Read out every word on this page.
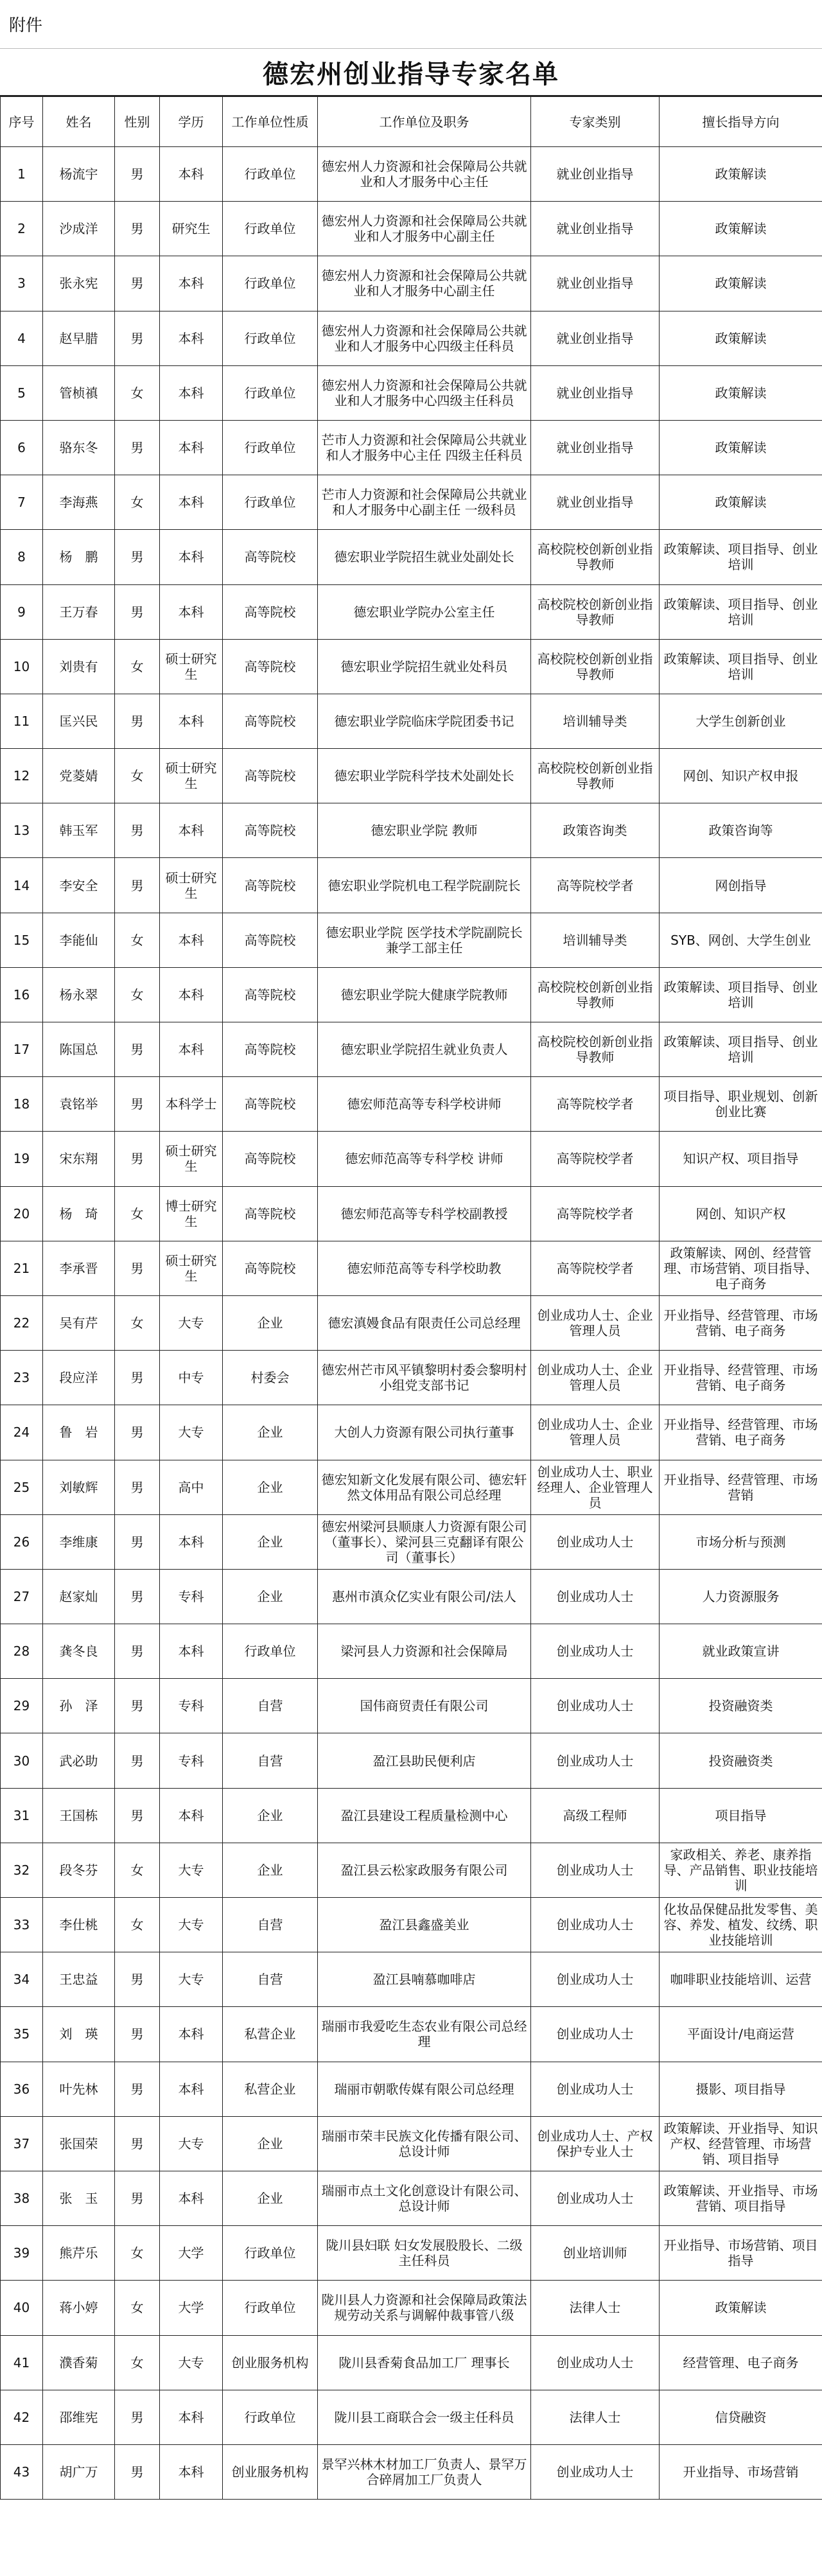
附件
德宏州创业指导专家名单
序号	姓名	性别	学历	工作单位性质	工作单位及职务	专家类别	擅长指导方向
1	杨流宇	男	本科	行政单位	德宏州人力资源和社会保障局公共就业和人才服务中心主任	就业创业指导	政策解读
2	沙成洋	男	研究生	行政单位	德宏州人力资源和社会保障局公共就业和人才服务中心副主任	就业创业指导	政策解读
3	张永宪	男	本科	行政单位	德宏州人力资源和社会保障局公共就业和人才服务中心副主任	就业创业指导	政策解读
4	赵早腊	男	本科	行政单位	德宏州人力资源和社会保障局公共就业和人才服务中心四级主任科员	就业创业指导	政策解读
5	管桢禛	女	本科	行政单位	德宏州人力资源和社会保障局公共就业和人才服务中心四级主任科员	就业创业指导	政策解读
6	骆东冬	男	本科	行政单位	芒市人力资源和社会保障局公共就业和人才服务中心主任 四级主任科员	就业创业指导	政策解读
7	李海燕	女	本科	行政单位	芒市人力资源和社会保障局公共就业和人才服务中心副主任 一级科员	就业创业指导	政策解读
8	杨　鹏	男	本科	高等院校	德宏职业学院招生就业处副处长	高校院校创新创业指导教师	政策解读、项目指导、创业培训
9	王万春	男	本科	高等院校	德宏职业学院办公室主任	高校院校创新创业指导教师	政策解读、项目指导、创业培训
10	刘贵有	女	硕士研究生	高等院校	德宏职业学院招生就业处科员	高校院校创新创业指导教师	政策解读、项目指导、创业培训
11	匡兴民	男	本科	高等院校	德宏职业学院临床学院团委书记	培训辅导类	大学生创新创业
12	党菱婧	女	硕士研究生	高等院校	德宏职业学院科学技术处副处长	高校院校创新创业指导教师	网创、知识产权申报
13	韩玉军	男	本科	高等院校	德宏职业学院 教师	政策咨询类	政策咨询等
14	李安全	男	硕士研究生	高等院校	德宏职业学院机电工程学院副院长	高等院校学者	网创指导
15	李能仙	女	本科	高等院校	德宏职业学院 医学技术学院副院长兼学工部主任	培训辅导类	SYB、网创、大学生创业
16	杨永翠	女	本科	高等院校	德宏职业学院大健康学院教师	高校院校创新创业指导教师	政策解读、项目指导、创业培训
17	陈国总	男	本科	高等院校	德宏职业学院招生就业负责人	高校院校创新创业指导教师	政策解读、项目指导、创业培训
18	袁铭举	男	本科学士	高等院校	德宏师范高等专科学校讲师	高等院校学者	项目指导、职业规划、创新创业比赛
19	宋东翔	男	硕士研究生	高等院校	德宏师范高等专科学校 讲师	高等院校学者	知识产权、项目指导
20	杨　琦	女	博士研究生	高等院校	德宏师范高等专科学校副教授	高等院校学者	网创、知识产权
21	李承晋	男	硕士研究生	高等院校	德宏师范高等专科学校助教	高等院校学者	政策解读、网创、经营管理、市场营销、项目指导、电子商务
22	吴有芹	女	大专	企业	德宏滇嫚食品有限责任公司总经理	创业成功人士、企业管理人员	开业指导、经营管理、市场营销、电子商务
23	段应洋	男	中专	村委会	德宏州芒市风平镇黎明村委会黎明村小组党支部书记	创业成功人士、企业管理人员	开业指导、经营管理、市场营销、电子商务
24	鲁　岩	男	大专	企业	大创人力资源有限公司执行董事	创业成功人士、企业管理人员	开业指导、经营管理、市场营销、电子商务
25	刘敏辉	男	高中	企业	德宏知新文化发展有限公司、德宏轩然文体用品有限公司总经理	创业成功人士、职业经理人、企业管理人员	开业指导、经营管理、市场营销
26	李维康	男	本科	企业	德宏州梁河县顺康人力资源有限公司（董事长）、梁河县三克翻译有限公司（董事长）	创业成功人士	市场分析与预测
27	赵家灿	男	专科	企业	惠州市滇众亿实业有限公司/法人	创业成功人士	人力资源服务
28	龚冬良	男	本科	行政单位	梁河县人力资源和社会保障局	创业成功人士	就业政策宣讲
29	孙　泽	男	专科	自营	国伟商贸责任有限公司	创业成功人士	投资融资类
30	武必助	男	专科	自营	盈江县助民便利店	创业成功人士	投资融资类
31	王国栋	男	本科	企业	盈江县建设工程质量检测中心	高级工程师	项目指导
32	段冬芬	女	大专	企业	盈江县云松家政服务有限公司	创业成功人士	家政相关、养老、康养指导、产品销售、职业技能培训
33	李仕桃	女	大专	自营	盈江县鑫盛美业	创业成功人士	化妆品保健品批发零售、美容、养发、植发、纹绣、职业技能培训
34	王忠益	男	大专	自营	盈江县喃慕咖啡店	创业成功人士	咖啡职业技能培训、运营
35	刘　瑛	男	本科	私营企业	瑞丽市我爱吃生态农业有限公司总经理	创业成功人士	平面设计/电商运营
36	叶先林	男	本科	私营企业	瑞丽市朝歌传媒有限公司总经理	创业成功人士	摄影、项目指导
37	张国荣	男	大专	企业	瑞丽市荣丰民族文化传播有限公司、总设计师	创业成功人士、产权保护专业人士	政策解读、开业指导、知识产权、经营管理、市场营销、项目指导
38	张　玉	男	本科	企业	瑞丽市点土文化创意设计有限公司、总设计师	创业成功人士	政策解读、开业指导、市场营销、项目指导
39	熊芹乐	女	大学	行政单位	陇川县妇联 妇女发展股股长、二级主任科员	创业培训师	开业指导、市场营销、项目指导
40	蒋小婷	女	大学	行政单位	陇川县人力资源和社会保障局政策法规劳动关系与调解仲裁事管八级	法律人士	政策解读
41	濮香菊	女	大专	创业服务机构	陇川县香菊食品加工厂 理事长	创业成功人士	经营管理、电子商务
42	邵维宪	男	本科	行政单位	陇川县工商联合会一级主任科员	法律人士	信贷融资
43	胡广万	男	本科	创业服务机构	景罕兴林木材加工厂负责人、景罕万合碎屑加工厂负责人	创业成功人士	开业指导、市场营销
